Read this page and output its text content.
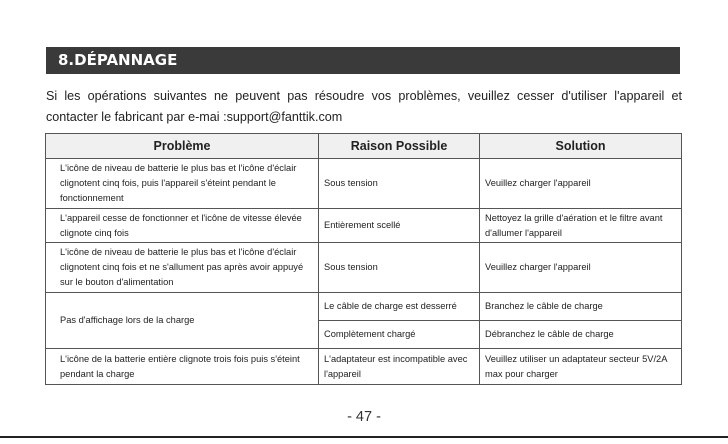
8.DÉPANNAGE
Si les opérations suivantes ne peuvent pas résoudre vos problèmes, veuillez cesser d'utiliser l'appareil et contacter le fabricant par e-mai :support@fanttik.com
Problème	Raison Possible	Solution
L'icône de niveau de batterie le plus bas et l'icône d'éclair clignotent cinq fois, puis l'appareil s'éteint pendant le fonctionnement	Sous tension	Veuillez charger l'appareil
L'appareil cesse de fonctionner et l'icône de vitesse élevée clignote cinq fois	Entièrement scellé	Nettoyez la grille d'aération et le filtre avant d'allumer l'appareil
L'icône de niveau de batterie le plus bas et l'icône d'éclair clignotent cinq fois et ne s'allument pas après avoir appuyé sur le bouton d'alimentation	Sous tension	Veuillez charger l'appareil
Pas d'affichage lors de la charge	Le câble de charge est desserré	Branchez le câble de charge
	Complètement chargé	Débranchez le câble de charge
L'icône de la batterie entière clignote trois fois puis s'éteint pendant la charge	L'adaptateur est incompatible avec l'appareil	Veuillez utiliser un adaptateur secteur 5V/2A max pour charger
- 47 -
